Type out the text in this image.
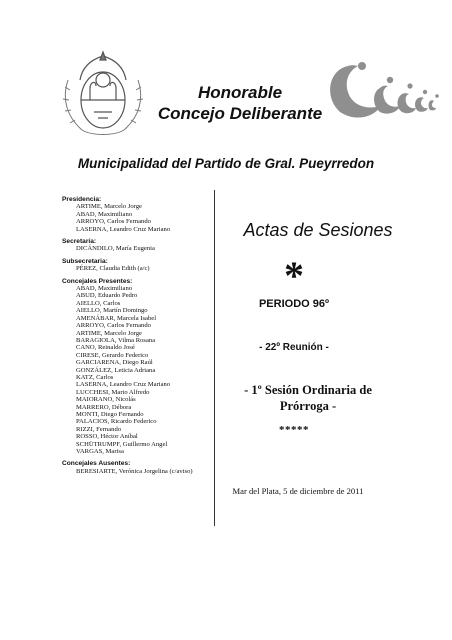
Honorable
Concejo Deliberante
Municipalidad del Partido de Gral. Pueyrredon
Presidencia:
ARTIME, Marcelo Jorge
ABAD, Maximiliano
ARROYO, Carlos Fernando
LASERNA, Leandro Cruz Mariano
Secretaría:
DICÁNDILO, María Eugenia
Subsecretaria:
PÉREZ, Claudia Edith (a/c)
Concejales Presentes:
ABAD, Maximiliano
ABUD, Eduardo Pedro
AIELLO, Carlos
AIELLO, Martín Domingo
AMENÁBAR, Marcela Isabel
ARROYO, Carlos Fernando
ARTIME, Marcelo Jorge
BARAGIOLA, Vilma Rosana
CANO, Reinaldo José
CIRESE, Gerardo Federico
GARCIARENA, Diego Raúl
GONZÁLEZ, Leticia Adriana
KATZ, Carlos
LASERNA, Leandro Cruz Mariano
LUCCHESI, Mario Alfredo
MAIORANO, Nicolás
MARRERO, Débora
MONTI, Diego Fernando
PALACIOS, Ricardo Federico
RIZZI, Fernando
ROSSO, Héctor Aníbal
SCHÜTRUMPF, Guillermo Angel
VARGAS, Marisa
Concejales Ausentes:
BERESIARTE, Verónica Jorgelina (c/aviso)
Actas de Sesiones
*
PERIODO 96º
- 22º Reunión -
- 1º Sesión Ordinaria de
Prórroga -
*****
Mar del Plata, 5 de diciembre de 2011
